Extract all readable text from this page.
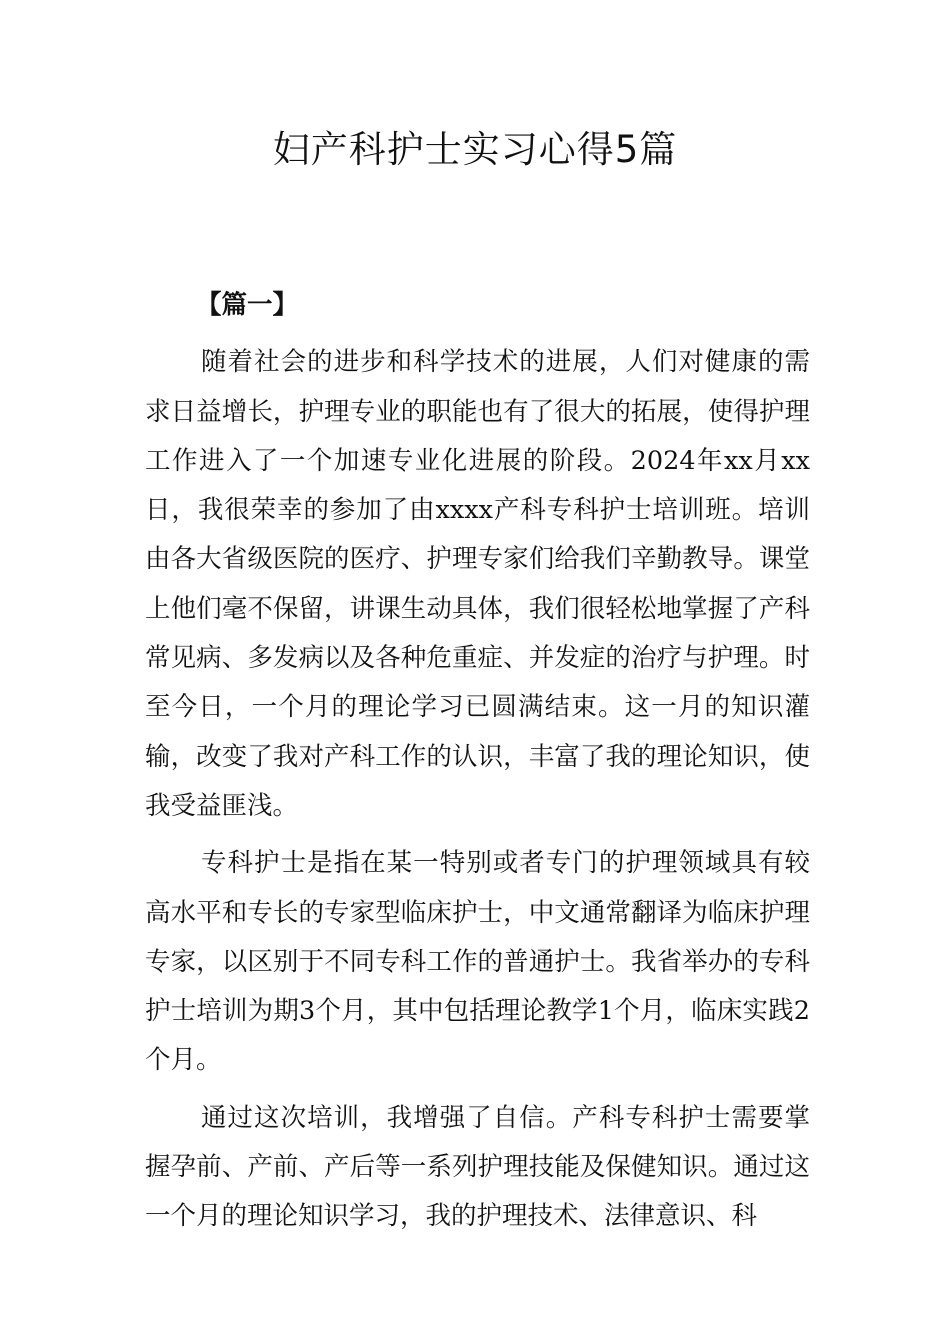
妇产科护士实习心得5篇

【篇一】

随着社会的进步和科学技术的进展，人们对健康的需求日益增长，护理专业的职能也有了很大的拓展，使得护理工作进入了一个加速专业化进展的阶段。2024年xx月xx日，我很荣幸的参加了由xxxx产科专科护士培训班。培训由各大省级医院的医疗、护理专家们给我们辛勤教导。课堂上他们毫不保留，讲课生动具体，我们很轻松地掌握了产科常见病、多发病以及各种危重症、并发症的治疗与护理。时至今日，一个月的理论学习已圆满结束。这一月的知识灌输，改变了我对产科工作的认识，丰富了我的理论知识，使我受益匪浅。

专科护士是指在某一特别或者专门的护理领域具有较高水平和专长的专家型临床护士，中文通常翻译为临床护理专家，以区别于不同专科工作的普通护士。我省举办的专科护士培训为期3个月，其中包括理论教学1个月，临床实践2个月。

通过这次培训，我增强了自信。产科专科护士需要掌握孕前、产前、产后等一系列护理技能及保健知识。通过这一个月的理论知识学习，我的护理技术、法律意识、科
